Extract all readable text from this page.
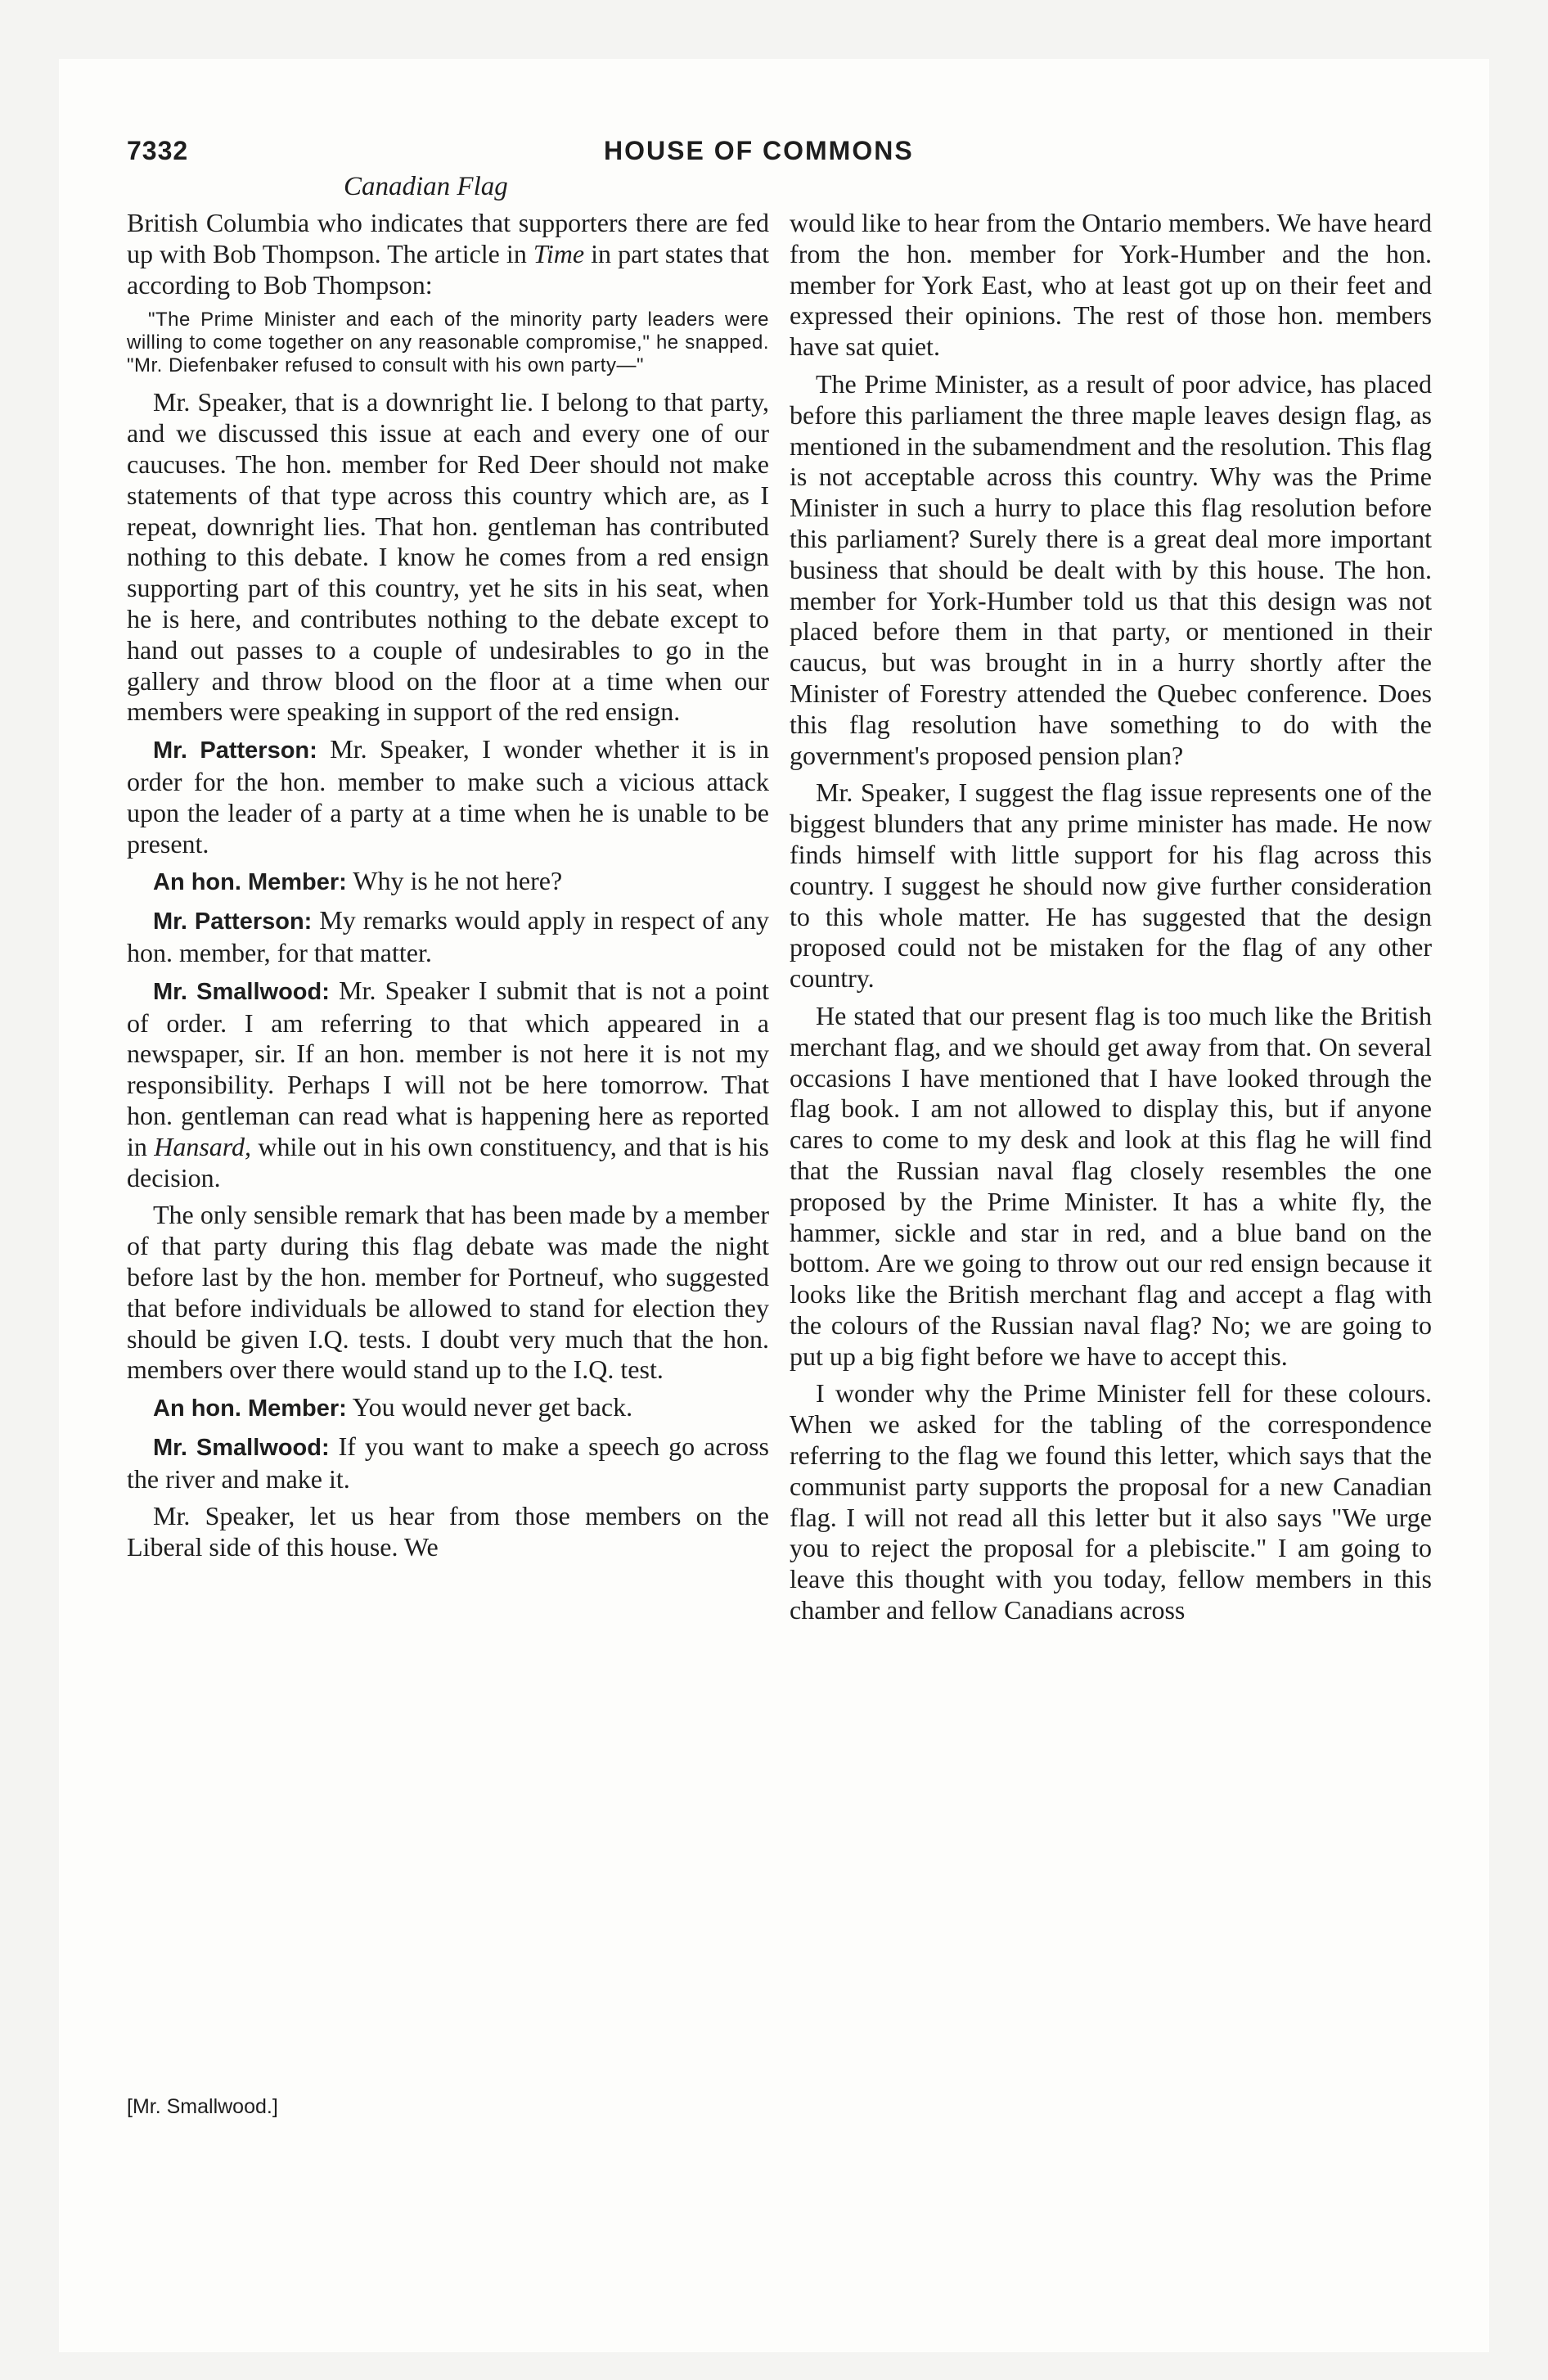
7332	HOUSE OF COMMONS
Canadian Flag

British Columbia who indicates that supporters there are fed up with Bob Thompson. The article in Time in part states that according to Bob Thompson:

"The Prime Minister and each of the minority party leaders were willing to come together on any reasonable compromise," he snapped. "Mr. Diefenbaker refused to consult with his own party—"

Mr. Speaker, that is a downright lie. I belong to that party, and we discussed this issue at each and every one of our caucuses. The hon. member for Red Deer should not make statements of that type across this country which are, as I repeat, downright lies. That hon. gentleman has contributed nothing to this debate. I know he comes from a red ensign supporting part of this country, yet he sits in his seat, when he is here, and contributes nothing to the debate except to hand out passes to a couple of undesirables to go in the gallery and throw blood on the floor at a time when our members were speaking in support of the red ensign.

Mr. Patterson: Mr. Speaker, I wonder whether it is in order for the hon. member to make such a vicious attack upon the leader of a party at a time when he is unable to be present.

An hon. Member: Why is he not here?

Mr. Patterson: My remarks would apply in respect of any hon. member, for that matter.

Mr. Smallwood: Mr. Speaker I submit that is not a point of order. I am referring to that which appeared in a newspaper, sir. If an hon. member is not here it is not my responsibility. Perhaps I will not be here tomorrow. That hon. gentleman can read what is happening here as reported in Hansard, while out in his own constituency, and that is his decision.

The only sensible remark that has been made by a member of that party during this flag debate was made the night before last by the hon. member for Portneuf, who suggested that before individuals be allowed to stand for election they should be given I.Q. tests. I doubt very much that the hon. members over there would stand up to the I.Q. test.

An hon. Member: You would never get back.

Mr. Smallwood: If you want to make a speech go across the river and make it.

Mr. Speaker, let us hear from those members on the Liberal side of this house. We

would like to hear from the Ontario members. We have heard from the hon. member for York-Humber and the hon. member for York East, who at least got up on their feet and expressed their opinions. The rest of those hon. members have sat quiet.

The Prime Minister, as a result of poor advice, has placed before this parliament the three maple leaves design flag, as mentioned in the subamendment and the resolution. This flag is not acceptable across this country. Why was the Prime Minister in such a hurry to place this flag resolution before this parliament? Surely there is a great deal more important business that should be dealt with by this house. The hon. member for York-Humber told us that this design was not placed before them in that party, or mentioned in their caucus, but was brought in in a hurry shortly after the Minister of Forestry attended the Quebec conference. Does this flag resolution have something to do with the government's proposed pension plan?

Mr. Speaker, I suggest the flag issue represents one of the biggest blunders that any prime minister has made. He now finds himself with little support for his flag across this country. I suggest he should now give further consideration to this whole matter. He has suggested that the design proposed could not be mistaken for the flag of any other country.

He stated that our present flag is too much like the British merchant flag, and we should get away from that. On several occasions I have mentioned that I have looked through the flag book. I am not allowed to display this, but if anyone cares to come to my desk and look at this flag he will find that the Russian naval flag closely resembles the one proposed by the Prime Minister. It has a white fly, the hammer, sickle and star in red, and a blue band on the bottom. Are we going to throw out our red ensign because it looks like the British merchant flag and accept a flag with the colours of the Russian naval flag? No; we are going to put up a big fight before we have to accept this.

I wonder why the Prime Minister fell for these colours. When we asked for the tabling of the correspondence referring to the flag we found this letter, which says that the communist party supports the proposal for a new Canadian flag. I will not read all this letter but it also says "We urge you to reject the proposal for a plebiscite." I am going to leave this thought with you today, fellow members in this chamber and fellow Canadians across

[Mr. Smallwood.]
